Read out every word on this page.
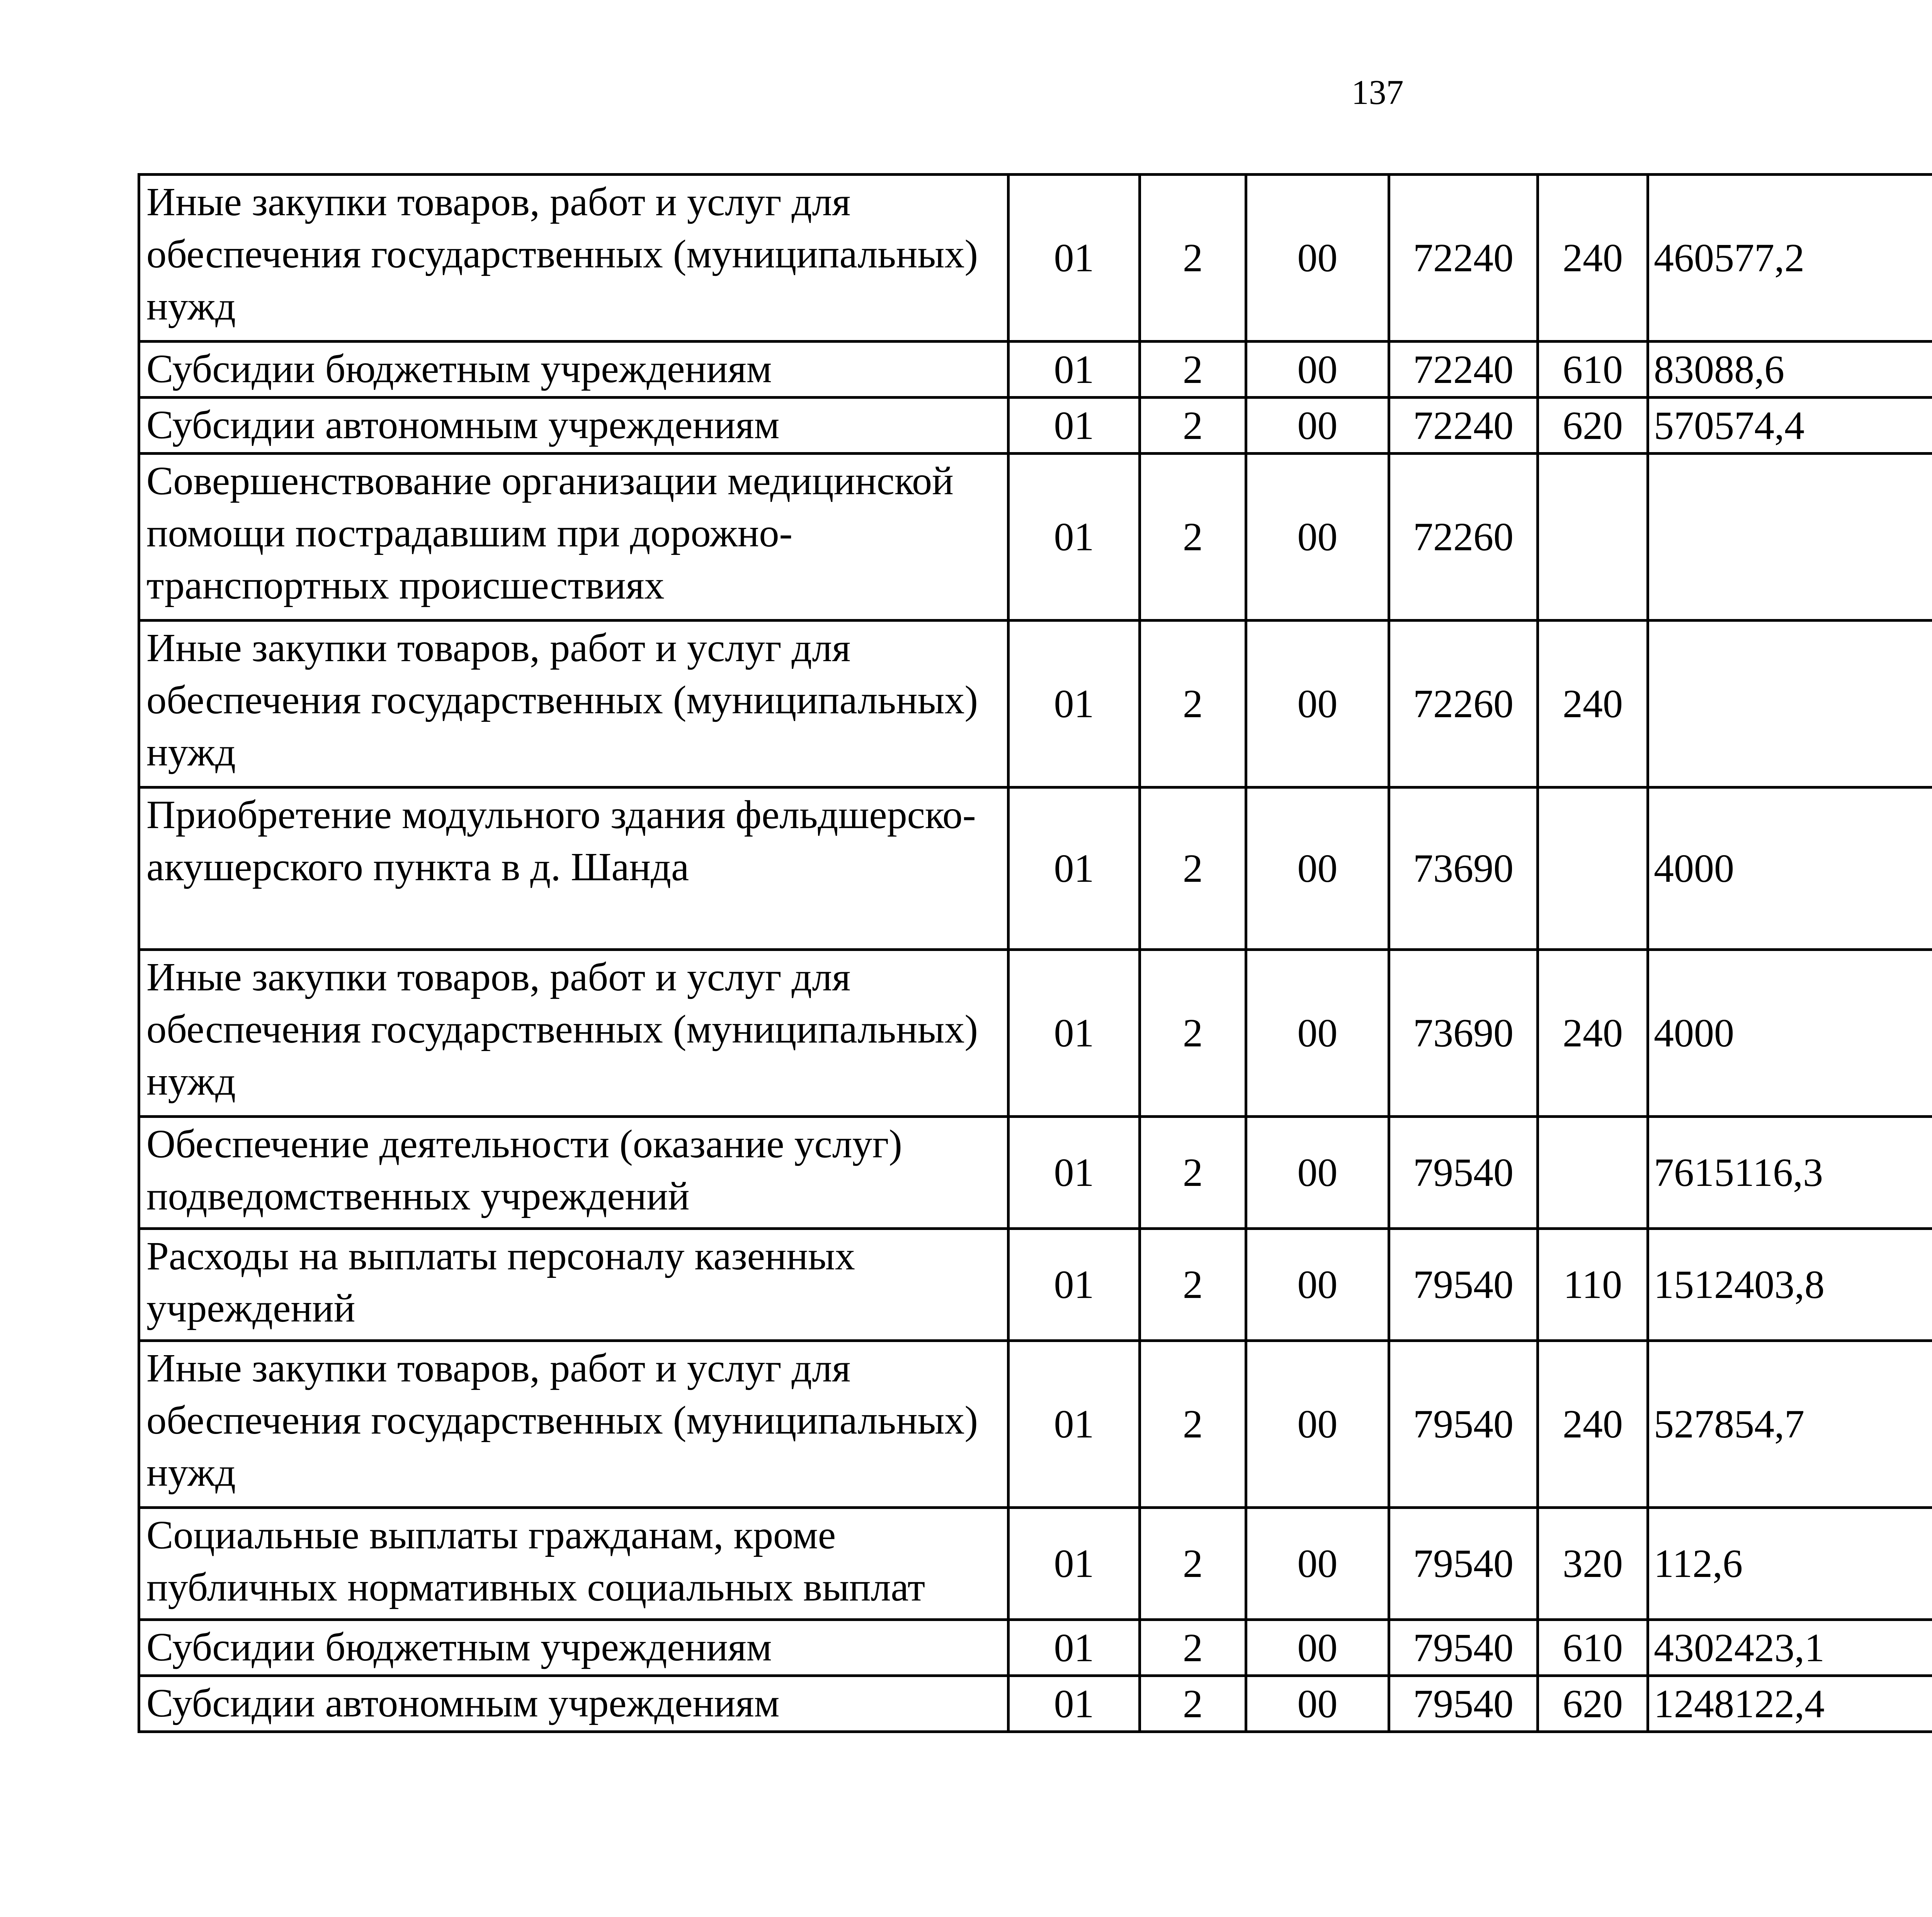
137
Иные закупки товаров, работ и услуг для обеспечения государственных (муниципальных) нужд	01	2	00	72240	240	460577,2		
Субсидии бюджетным учреждениям	01	2	00	72240	610	83088,6		
Субсидии автономным учреждениям	01	2	00	72240	620	570574,4		
Совершенствование организации медицинской помощи пострадавшим при дорожно-транспортных происшествиях	01	2	00	72260				
Иные закупки товаров, работ и услуг для обеспечения государственных (муниципальных) нужд	01	2	00	72260	240			
Приобретение модульного здания фельдшерско-акушерского пункта в д. Шанда	01	2	00	73690		4000		
Иные закупки товаров, работ и услуг для обеспечения государственных (муниципальных) нужд	01	2	00	73690	240	4000		
Обеспечение деятельности (оказание услуг) подведомственных учреждений	01	2	00	79540		7615116,3		
Расходы на выплаты персоналу казенных учреждений	01	2	00	79540	110	1512403,8		
Иные закупки товаров, работ и услуг для обеспечения государственных (муниципальных) нужд	01	2	00	79540	240	527854,7		
Социальные выплаты гражданам, кроме публичных нормативных социальных выплат	01	2	00	79540	320	112,6		
Субсидии бюджетным учреждениям	01	2	00	79540	610	4302423,1		
Субсидии автономным учреждениям	01	2	00	79540	620	1248122,4		
